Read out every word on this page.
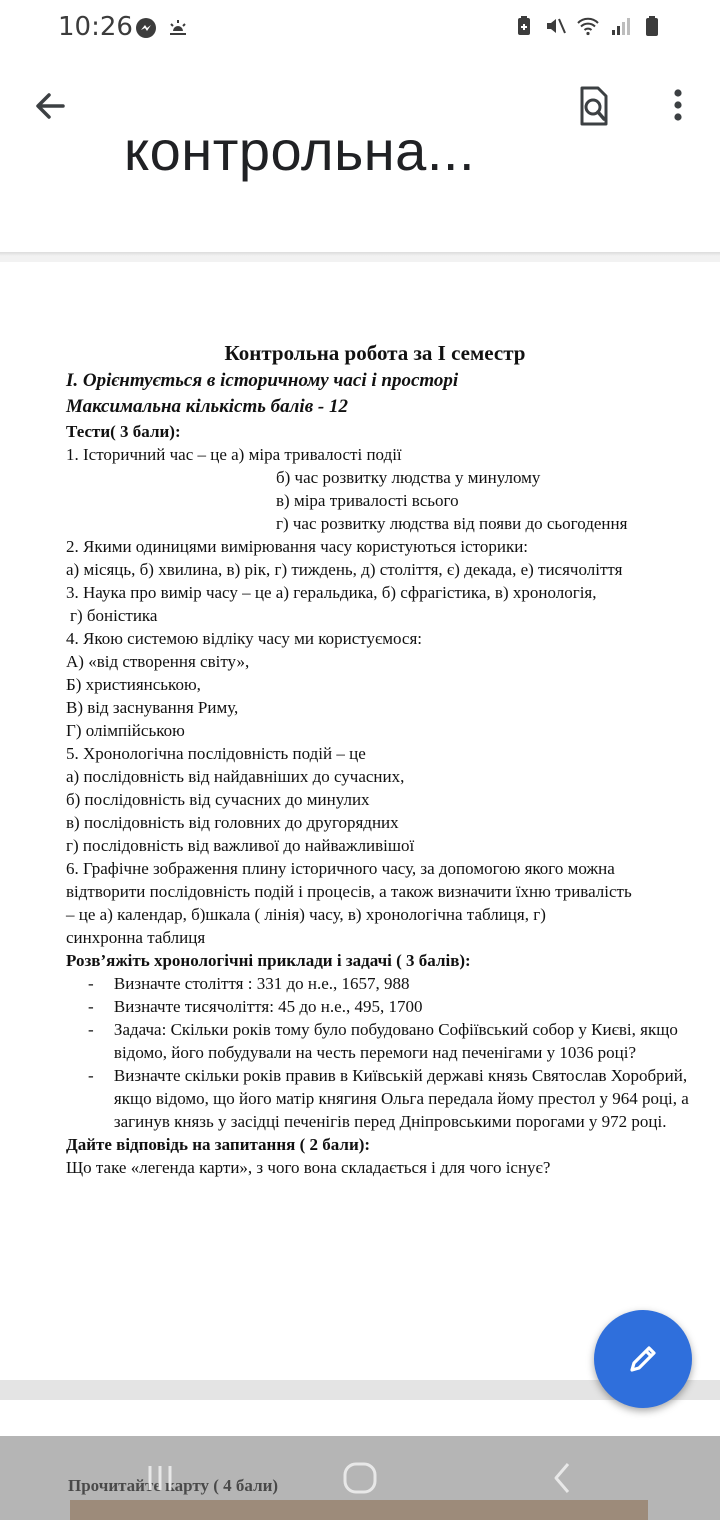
10:26
контрольна...
Контрольна робота за І семестр
І. Орієнтується в історичному часі і просторі
Максимальна кількість балів - 12
Тести( 3 бали):
1. Історичний час – це а) міра тривалості події
б) час розвитку людства у минулому
в) міра тривалості всього
г) час розвитку людства від появи до сьогодення
2. Якими одиницями вимірювання часу користуються історики:
а) місяць, б) хвилина, в) рік, г) тиждень, д) століття, є) декада, е) тисячоліття
3. Наука про вимір часу – це а) геральдика, б) сфрагістика, в) хронологія,
г) боністика
4. Якою системою відліку часу ми користуємося:
А) «від створення світу»,
Б) християнською,
В) від заснування Риму,
Г) олімпійською
5. Хронологічна послідовність подій – це
а) послідовність від найдавніших до сучасних,
б) послідовність від сучасних до минулих
в) послідовність від головних до другорядних
г) послідовність від важливої до найважливішої
6. Графічне зображення плину історичного часу, за допомогою якого можна
відтворити послідовність подій і процесів, а також визначити їхню тривалість
– це а) календар, б)шкала ( лінія) часу, в) хронологічна таблиця, г)
синхронна таблиця
Розв’яжіть хронологічні приклади і задачі ( 3 балів):
-	Визначте століття : 331 до н.е., 1657, 988
-	Визначте тисячоліття: 45 до н.е., 495, 1700
-	Задача: Скільки років тому було побудовано Софіївський собор у Києві, якщо відомо, його побудували на честь перемоги над печенігами у 1036 році?
-	Визначте скільки років правив в Київській державі князь Святослав Хоробрий, якщо відомо, що його матір княгиня Ольга передала йому престол у 964 році, а загинув князь у засідці печенігів перед Дніпровськими порогами у 972 році.
Дайте відповідь на запитання ( 2 бали):
Що таке «легенда карти», з чого вона складається і для чого існує?
